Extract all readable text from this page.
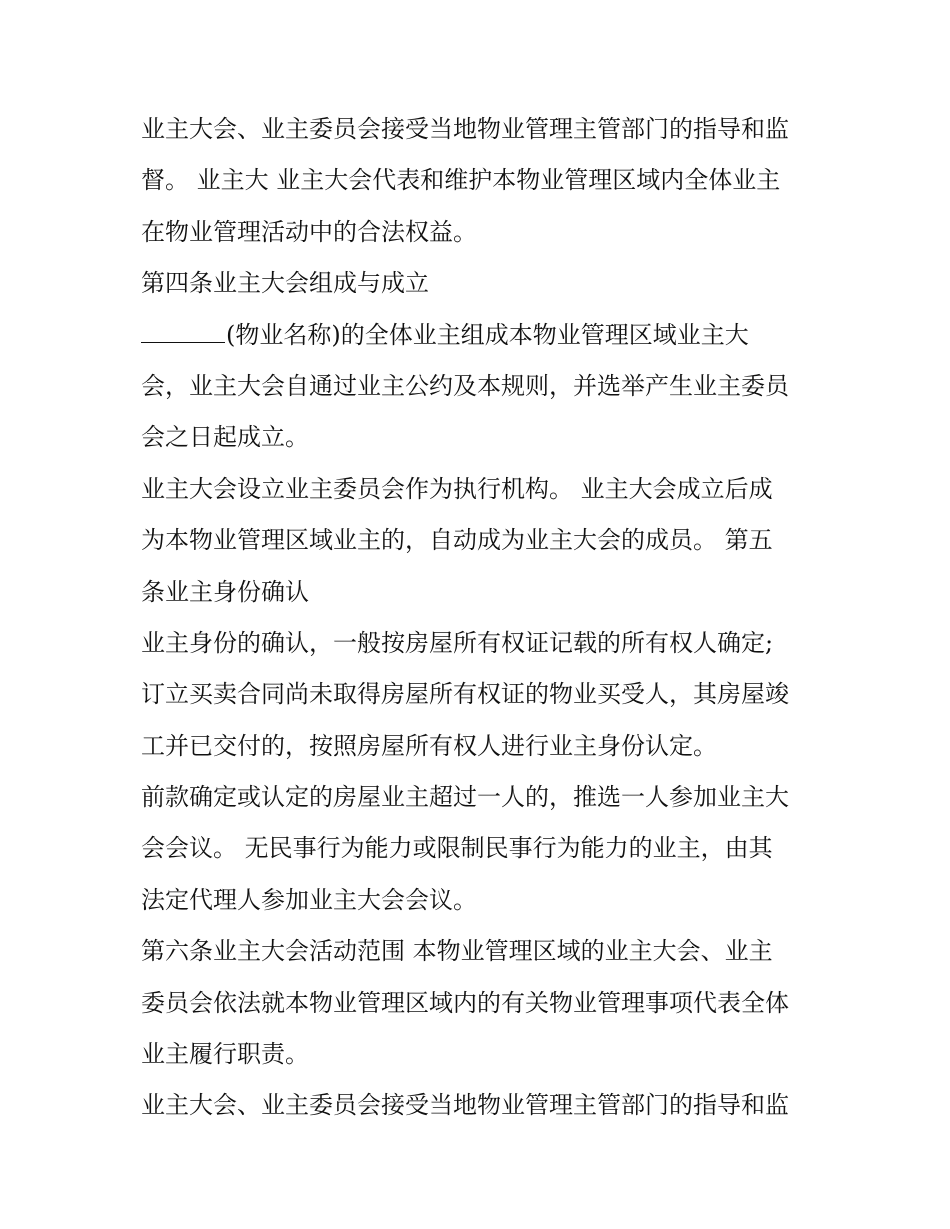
业主大会、业主委员会接受当地物业管理主管部门的指导和监
督。 业主大 业主大会代表和维护本物业管理区域内全体业主
在物业管理活动中的合法权益。
第四条业主大会组成与成立
(物业名称)的全体业主组成本物业管理区域业主大
会，业主大会自通过业主公约及本规则，并选举产生业主委员
会之日起成立。
业主大会设立业主委员会作为执行机构。 业主大会成立后成
为本物业管理区域业主的，自动成为业主大会的成员。 第五
条业主身份确认
业主身份的确认，一般按房屋所有权证记载的所有权人确定;
订立买卖合同尚未取得房屋所有权证的物业买受人，其房屋竣
工并已交付的，按照房屋所有权人进行业主身份认定。
前款确定或认定的房屋业主超过一人的，推选一人参加业主大
会会议。 无民事行为能力或限制民事行为能力的业主，由其
法定代理人参加业主大会会议。
第六条业主大会活动范围 本物业管理区域的业主大会、业主
委员会依法就本物业管理区域内的有关物业管理事项代表全体
业主履行职责。
业主大会、业主委员会接受当地物业管理主管部门的指导和监
